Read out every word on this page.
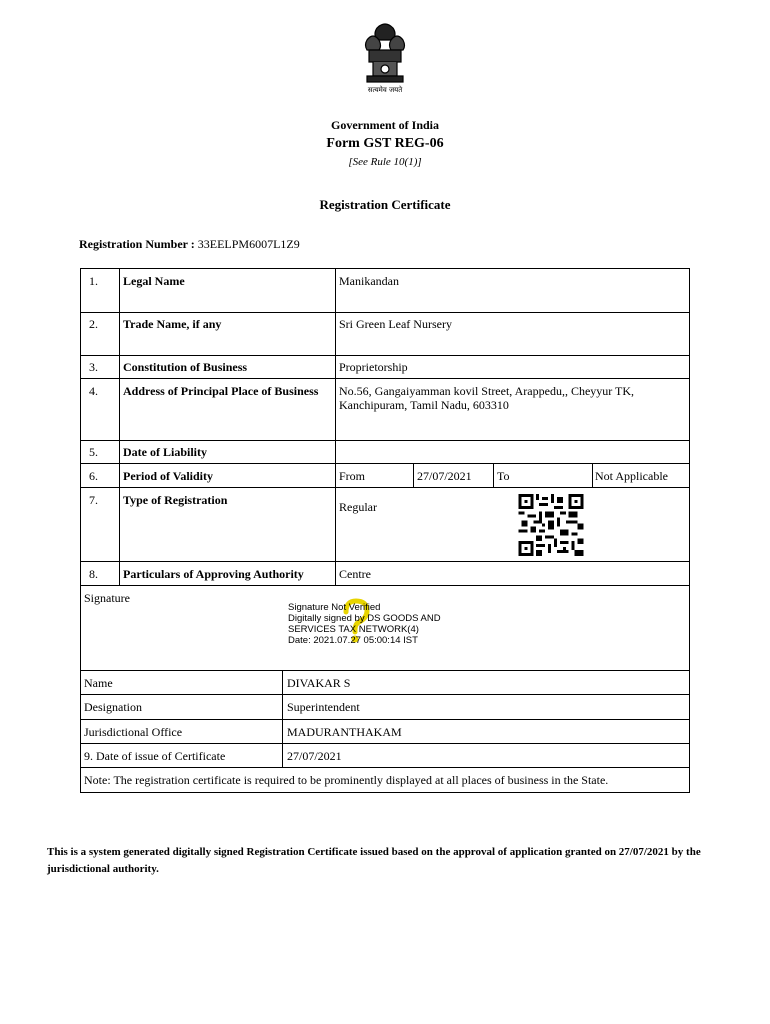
सत्यमेव जयते
Government of India
Form GST REG-06
[See Rule 10(1)]
Registration Certificate
Registration Number : 33EELPM6007L1Z9
1. Legal Name	Manikandan
2. Trade Name, if any	Sri Green Leaf Nursery
3. Constitution of Business	Proprietorship
4. Address of Principal Place of Business	No.56, Gangaiyamman kovil Street, Arappedu,, Cheyyur TK, Kanchipuram, Tamil Nadu, 603310
5. Date of Liability
6. Period of Validity	From	27/07/2021 To	Not Applicable
7. Type of Registration	Regular
8. Particulars of Approving Authority	Centre
Signature
Signature Not Verified
Digitally signed by DS GOODS AND
SERVICES TAX NETWORK(4)
Date: 2021.07.27 05:00:14 IST
Name	DIVAKAR S
Designation	Superintendent
Jurisdictional Office	MADURANTHAKAM
9. Date of issue of Certificate	27/07/2021
Note: The registration certificate is required to be prominently displayed at all places of business in the State.
This is a system generated digitally signed Registration Certificate issued based on the approval of application granted on 27/07/2021 by the jurisdictional authority.
